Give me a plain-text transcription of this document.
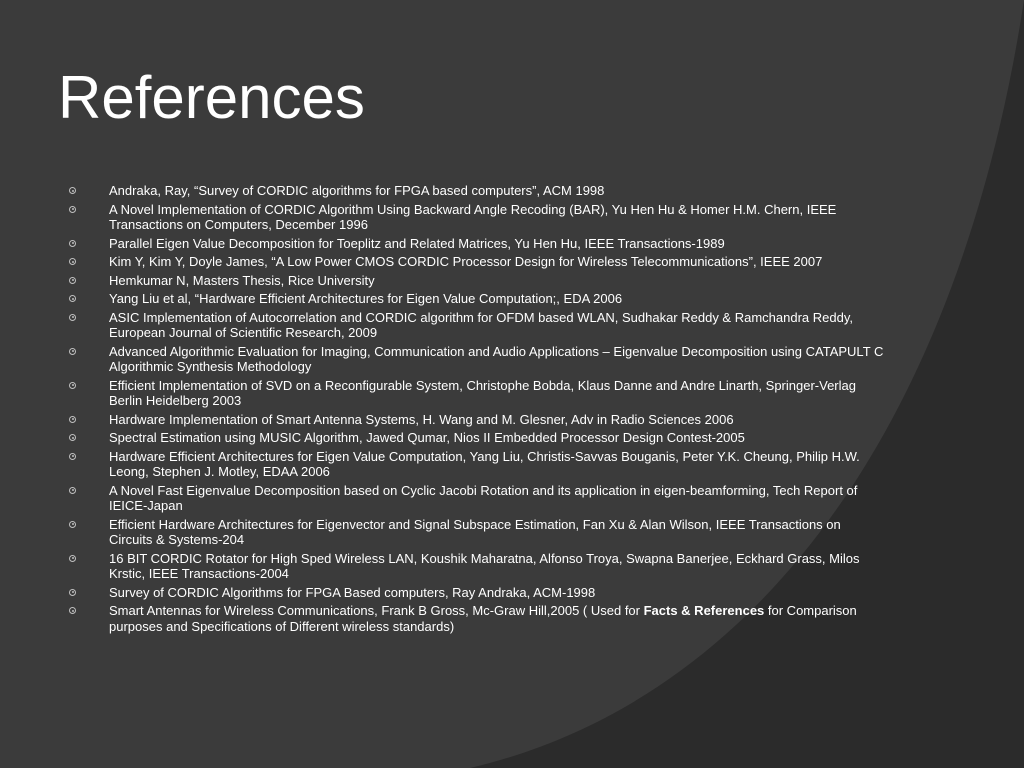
References
Andraka, Ray, “Survey of CORDIC algorithms for FPGA based computers”, ACM 1998
A Novel Implementation of CORDIC Algorithm Using Backward Angle Recoding (BAR), Yu Hen Hu & Homer H.M. Chern, IEEE Transactions on Computers, December 1996
Parallel Eigen Value Decomposition for Toeplitz and Related Matrices, Yu Hen Hu, IEEE Transactions-1989
Kim Y, Kim Y, Doyle James, “A Low Power CMOS CORDIC Processor Design for Wireless Telecommunications”, IEEE 2007
Hemkumar N, Masters Thesis, Rice University
Yang Liu et al, “Hardware Efficient Architectures for Eigen Value Computation;, EDA 2006
ASIC Implementation of Autocorrelation and CORDIC algorithm for OFDM based WLAN, Sudhakar Reddy & Ramchandra Reddy, European Journal of Scientific Research, 2009
Advanced Algorithmic Evaluation for Imaging, Communication and Audio Applications – Eigenvalue Decomposition using CATAPULT C Algorithmic Synthesis Methodology
Efficient Implementation of SVD on a Reconfigurable System, Christophe Bobda, Klaus Danne and Andre Linarth, Springer-Verlag Berlin Heidelberg 2003
Hardware Implementation of Smart Antenna Systems, H. Wang and M. Glesner, Adv in Radio Sciences 2006
Spectral Estimation using MUSIC Algorithm, Jawed Qumar, Nios II Embedded Processor Design Contest-2005
Hardware Efficient Architectures for Eigen Value Computation, Yang Liu, Christis-Savvas Bouganis, Peter Y.K. Cheung, Philip H.W. Leong, Stephen J. Motley, EDAA 2006
A Novel Fast Eigenvalue Decomposition based on Cyclic Jacobi Rotation and its application in eigen-beamforming, Tech Report of IEICE-Japan
Efficient Hardware Architectures for Eigenvector and Signal Subspace Estimation, Fan Xu & Alan Wilson, IEEE Transactions on Circuits & Systems-204
16 BIT CORDIC Rotator for High Sped Wireless LAN, Koushik Maharatna, Alfonso Troya, Swapna Banerjee, Eckhard Grass, Milos Krstic, IEEE Transactions-2004
Survey of CORDIC Algorithms for FPGA Based computers, Ray Andraka, ACM-1998
Smart Antennas for Wireless Communications, Frank B Gross, Mc-Graw Hill,2005 ( Used for Facts & References for Comparison purposes and Specifications of Different wireless standards)
